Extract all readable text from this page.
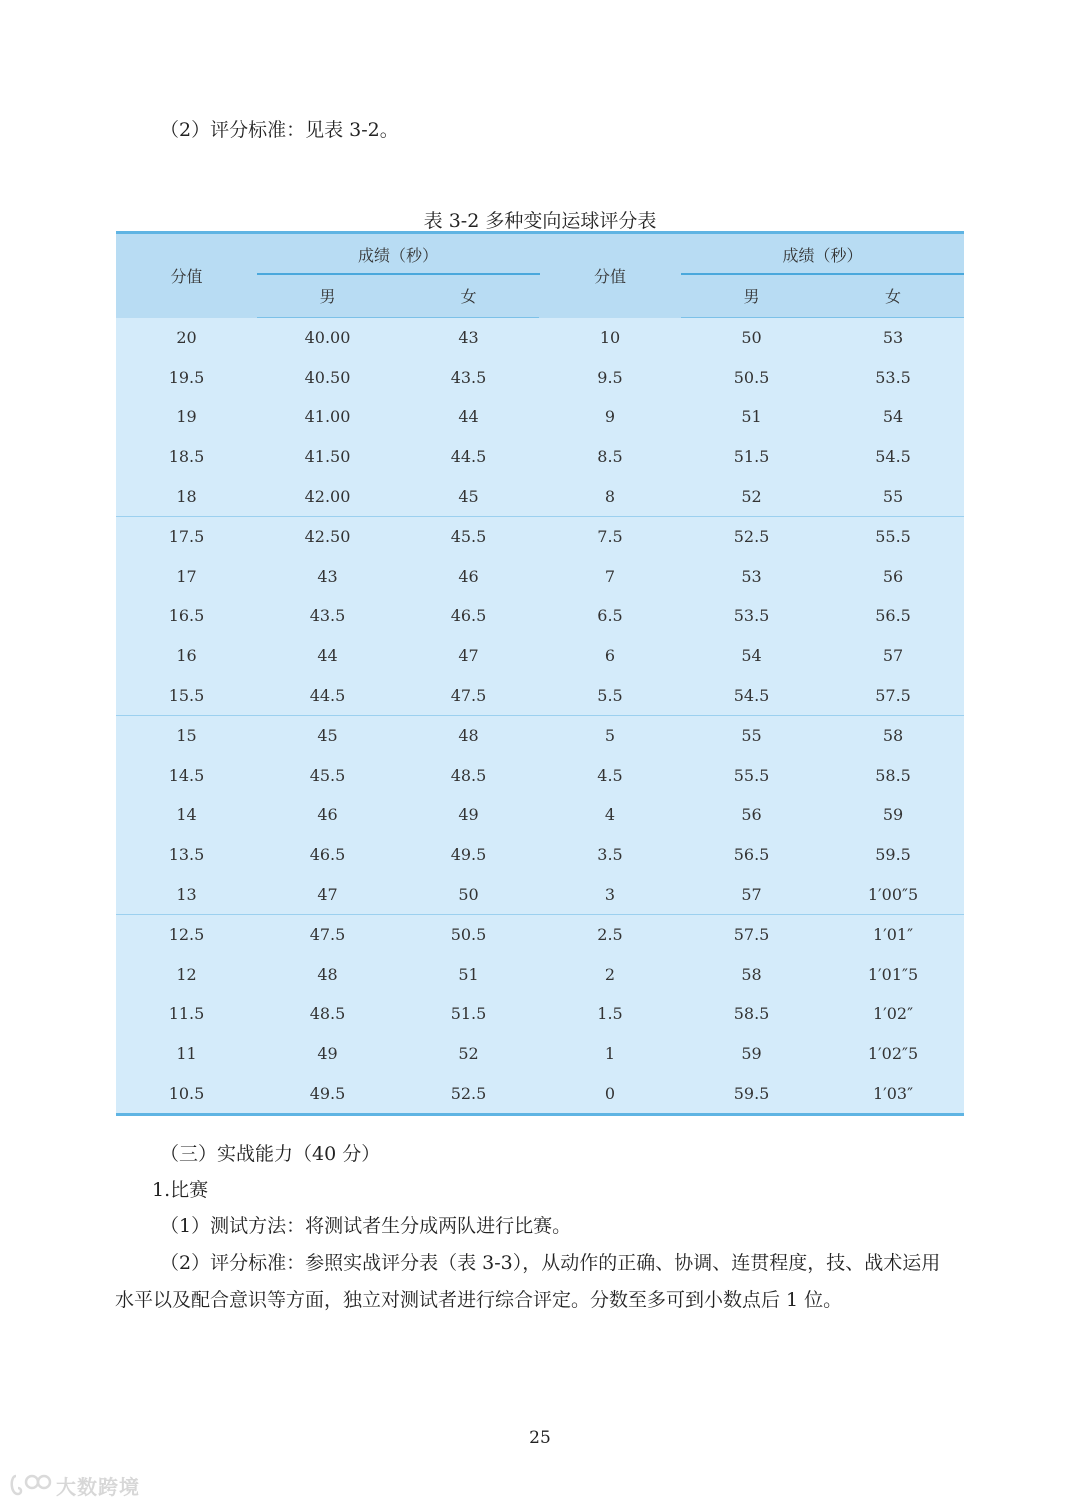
（2）评分标准：见表 3-2。
表 3-2 多种变向运球评分表
分值	成绩（秒）		分值	成绩（秒）	
	男	女		男	女
20	40.00	43	10	50	53
19.5	40.50	43.5	9.5	50.5	53.5
19	41.00	44	9	51	54
18.5	41.50	44.5	8.5	51.5	54.5
18	42.00	45	8	52	55
17.5	42.50	45.5	7.5	52.5	55.5
17	43	46	7	53	56
16.5	43.5	46.5	6.5	53.5	56.5
16	44	47	6	54	57
15.5	44.5	47.5	5.5	54.5	57.5
15	45	48	5	55	58
14.5	45.5	48.5	4.5	55.5	58.5
14	46	49	4	56	59
13.5	46.5	49.5	3.5	56.5	59.5
13	47	50	3	57	1′00″5
12.5	47.5	50.5	2.5	57.5	1′01″
12	48	51	2	58	1′01″5
11.5	48.5	51.5	1.5	58.5	1′02″
11	49	52	1	59	1′02″5
10.5	49.5	52.5	0	59.5	1′03″
（三）实战能力（40 分）
1.比赛
（1）测试方法：将测试者生分成两队进行比赛。
（2）评分标准：参照实战评分表（表 3-3），从动作的正确、协调、连贯程度，技、战术运用
水平以及配合意识等方面，独立对测试者进行综合评定。分数至多可到小数点后 1 位。
25
大数跨境
